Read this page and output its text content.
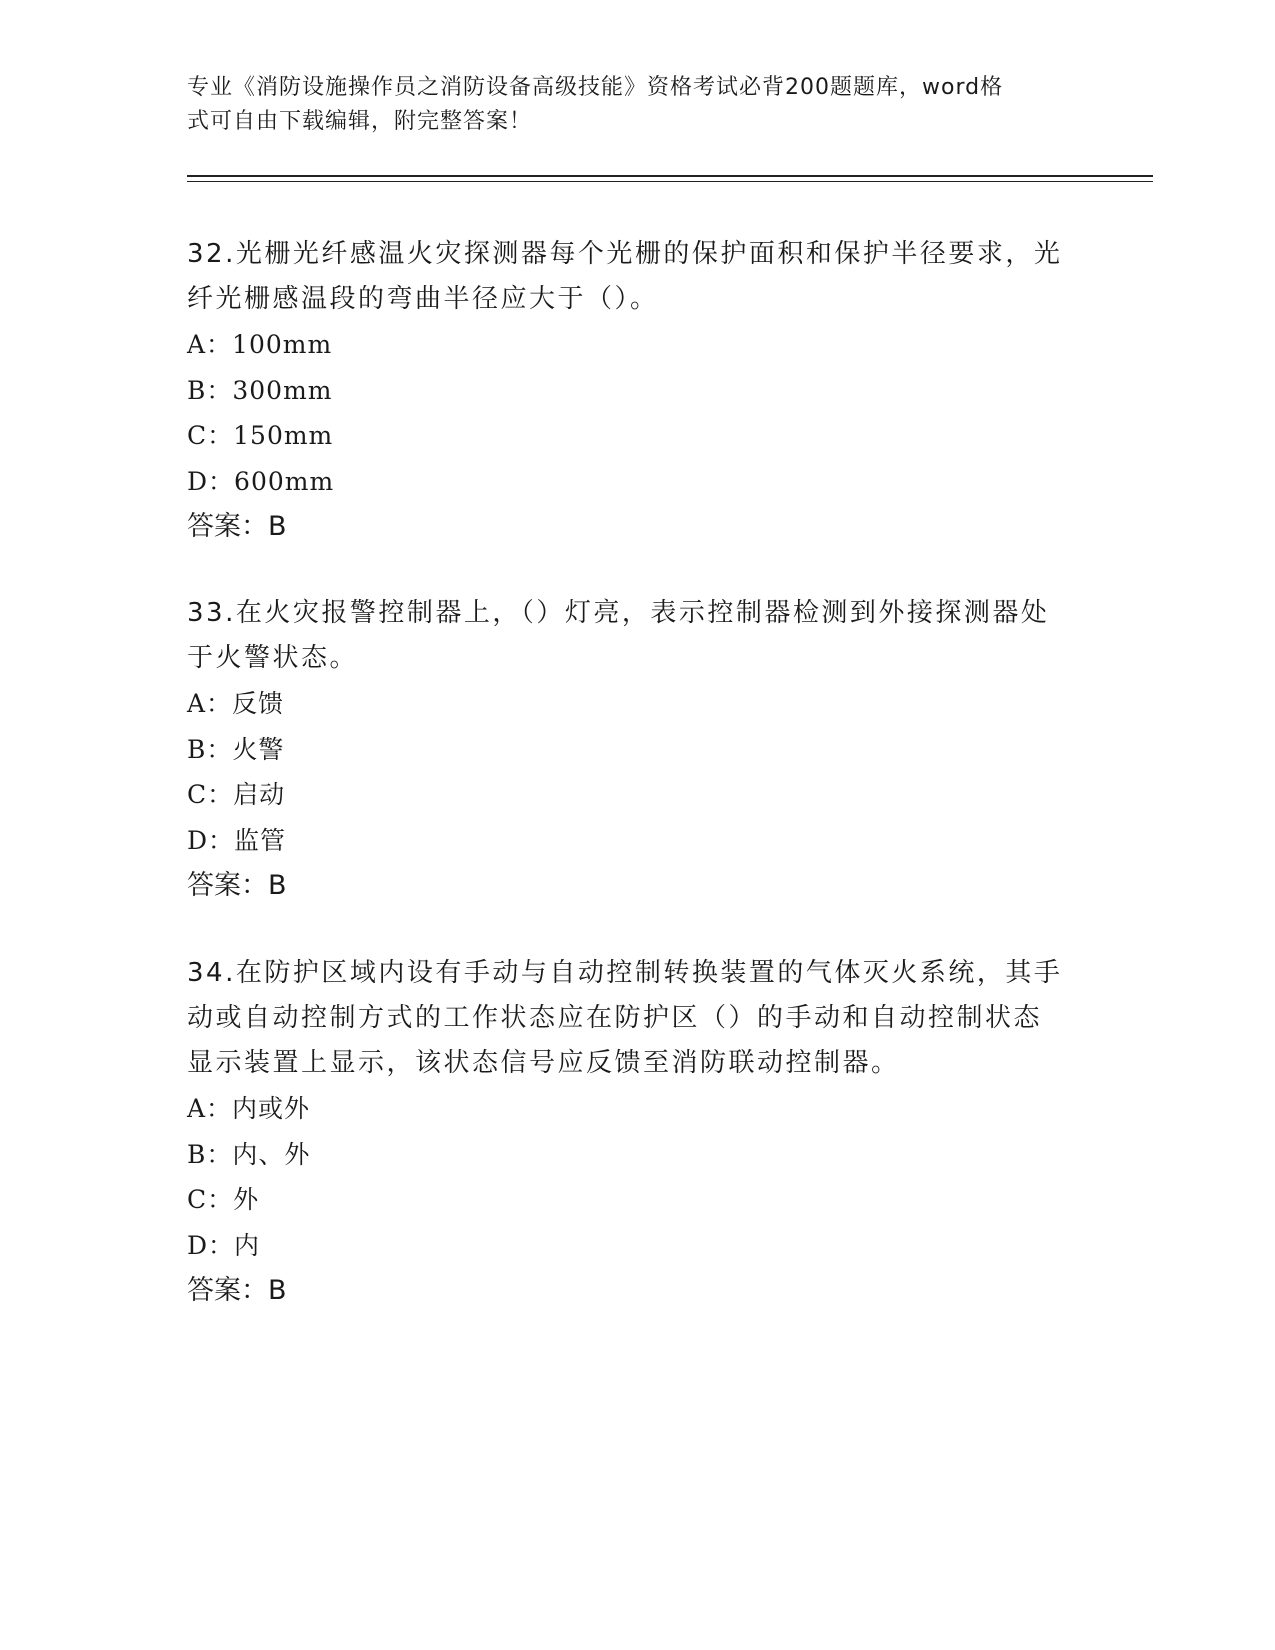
专业《消防设施操作员之消防设备高级技能》资格考试必背200题题库，word格
式可自由下载编辑，附完整答案！

32.光栅光纤感温火灾探测器每个光栅的保护面积和保护半径要求，光

纤光栅感温段的弯曲半径应大于（）。

A：100mm

B：300mm

C：150mm

D：600mm

答案：B

33.在火灾报警控制器上，（）灯亮，表示控制器检测到外接探测器处

于火警状态。

A：反馈

B：火警

C：启动

D：监管

答案：B

34.在防护区域内设有手动与自动控制转换装置的气体灭火系统，其手

动或自动控制方式的工作状态应在防护区（）的手动和自动控制状态

显示装置上显示，该状态信号应反馈至消防联动控制器。

A：内或外

B：内、外

C：外

D：内

答案：B
